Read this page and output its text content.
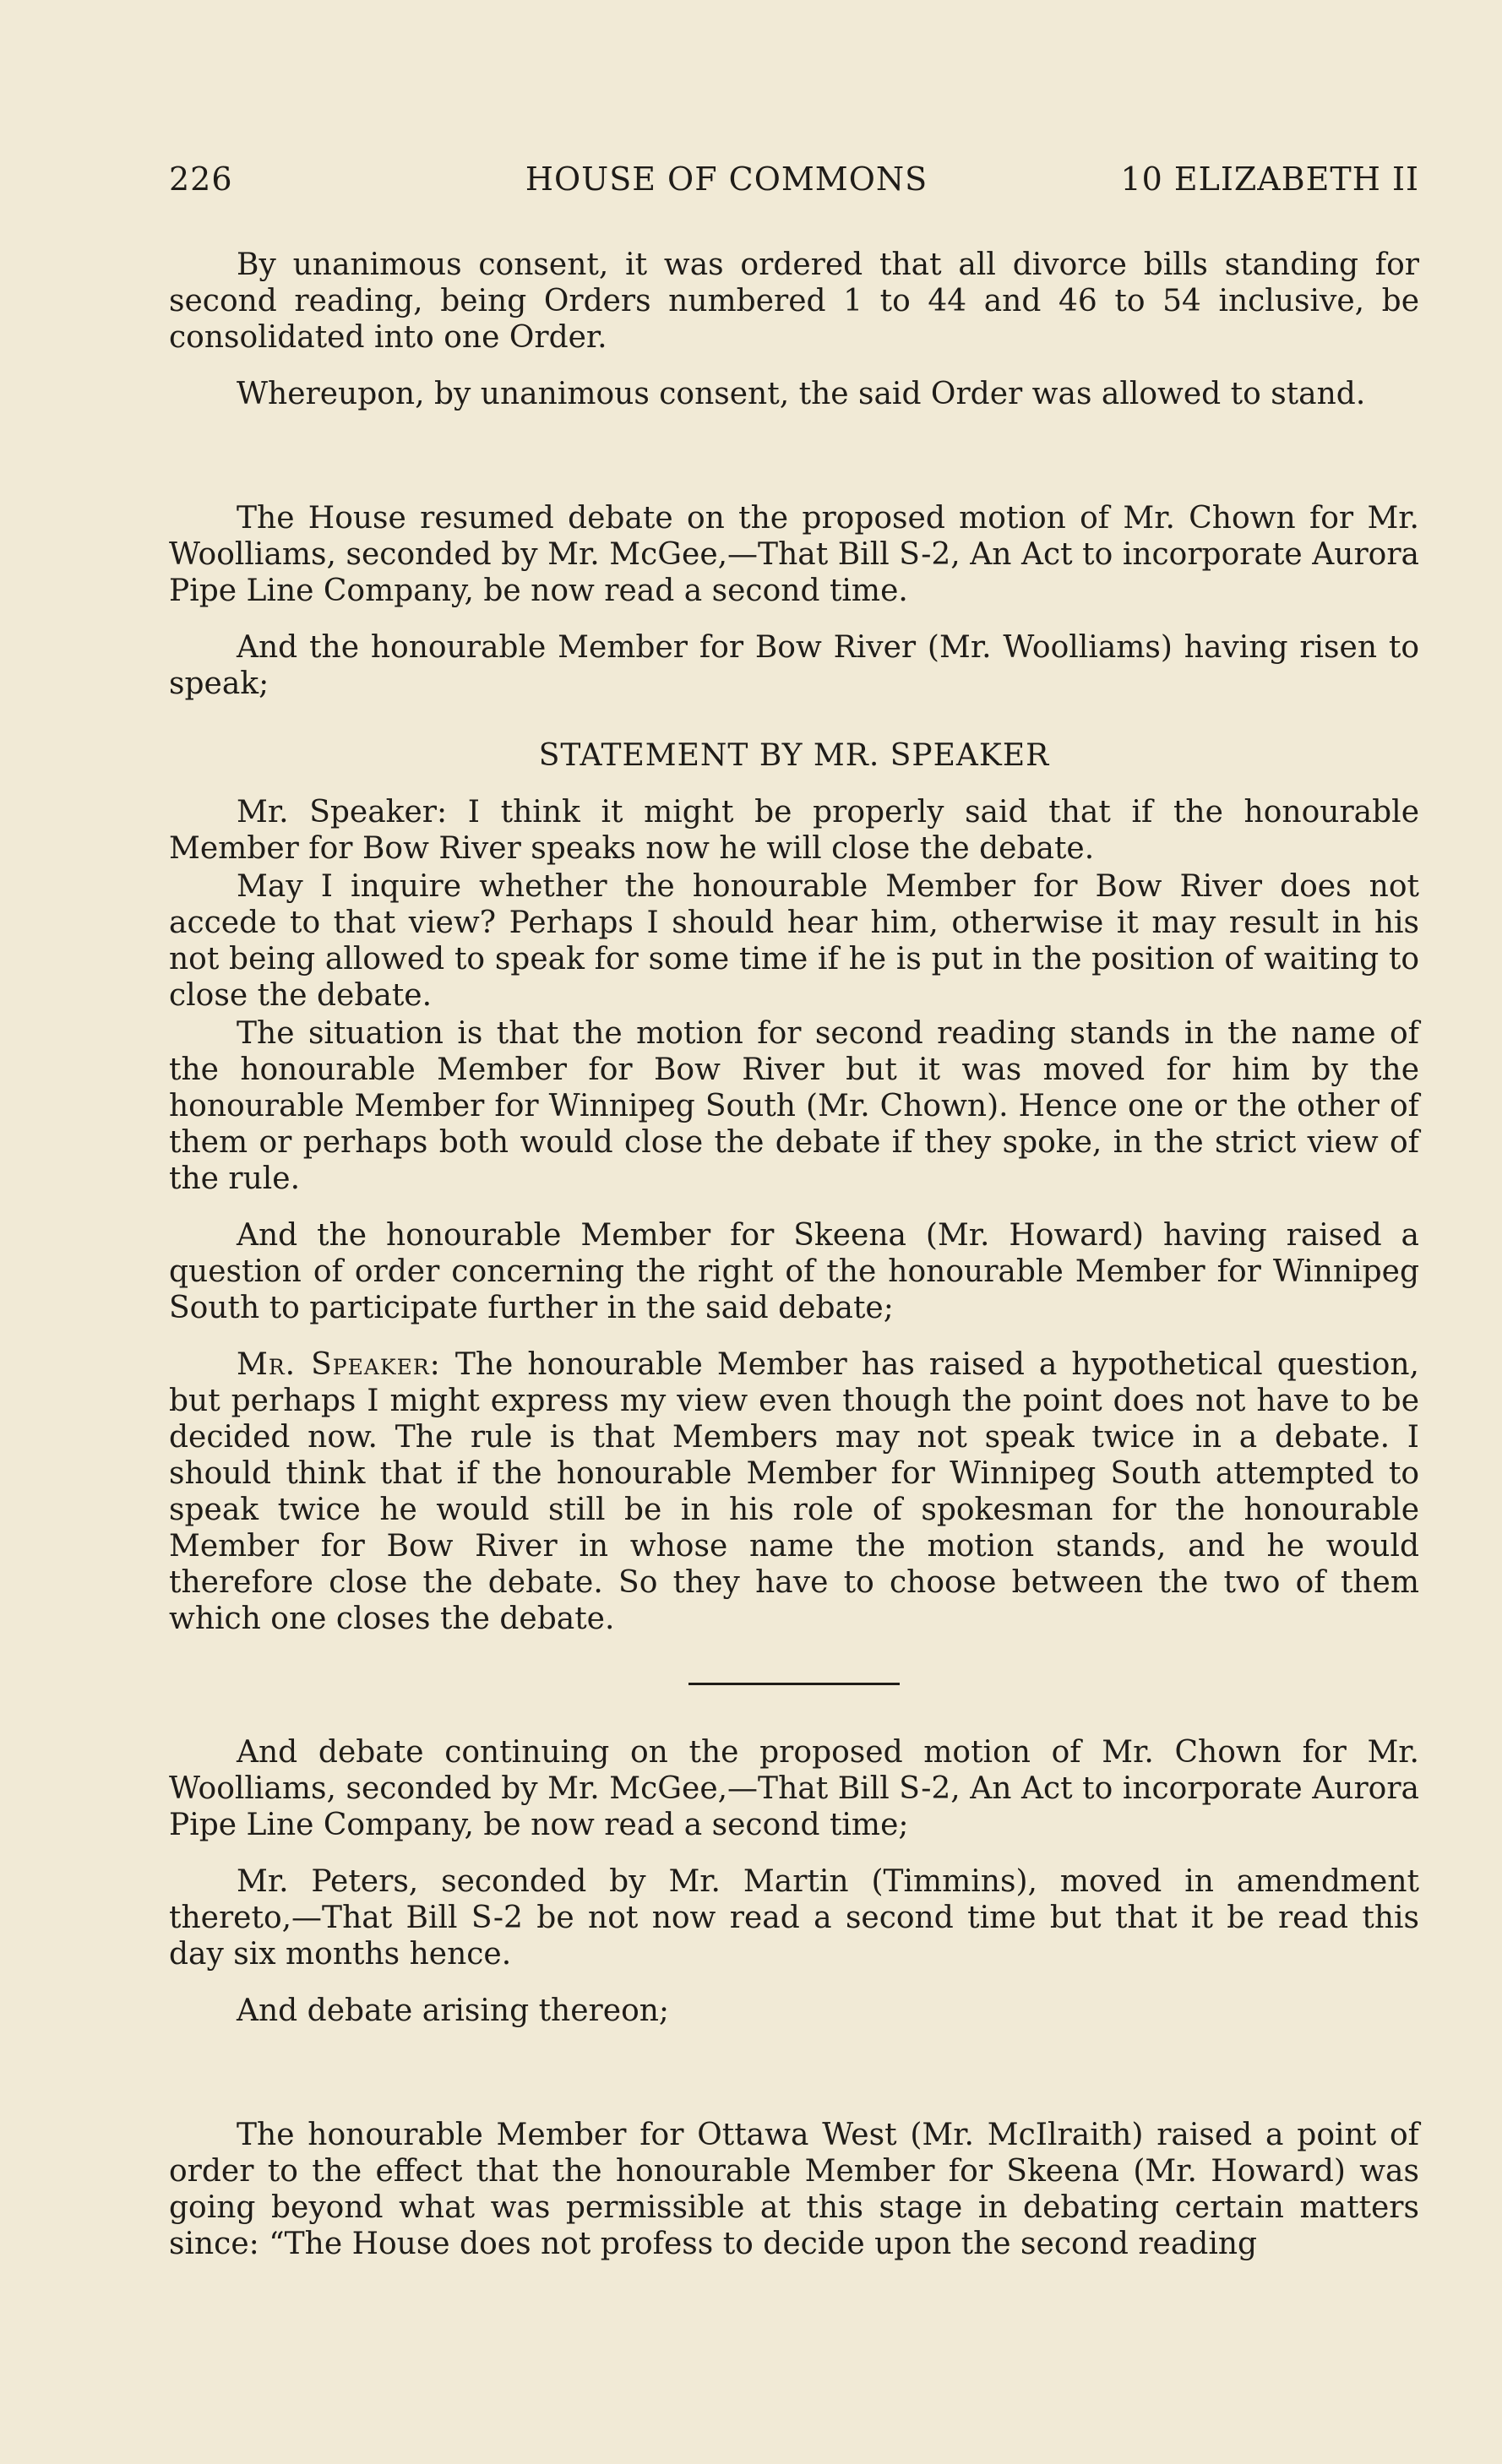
226	HOUSE OF COMMONS	10 ELIZABETH II

By unanimous consent, it was ordered that all divorce bills standing for second reading, being Orders numbered 1 to 44 and 46 to 54 inclusive, be consolidated into one Order.

Whereupon, by unanimous consent, the said Order was allowed to stand.

The House resumed debate on the proposed motion of Mr. Chown for Mr. Woolliams, seconded by Mr. McGee,—That Bill S-2, An Act to incorporate Aurora Pipe Line Company, be now read a second time.

And the honourable Member for Bow River (Mr. Woolliams) having risen to speak;

STATEMENT BY MR. SPEAKER

Mr. Speaker: I think it might be properly said that if the honourable Member for Bow River speaks now he will close the debate.

May I inquire whether the honourable Member for Bow River does not accede to that view? Perhaps I should hear him, otherwise it may result in his not being allowed to speak for some time if he is put in the position of waiting to close the debate.

The situation is that the motion for second reading stands in the name of the honourable Member for Bow River but it was moved for him by the honourable Member for Winnipeg South (Mr. Chown). Hence one or the other of them or perhaps both would close the debate if they spoke, in the strict view of the rule.

And the honourable Member for Skeena (Mr. Howard) having raised a question of order concerning the right of the honourable Member for Winnipeg South to participate further in the said debate;

Mr. Speaker: The honourable Member has raised a hypothetical question, but perhaps I might express my view even though the point does not have to be decided now. The rule is that Members may not speak twice in a debate. I should think that if the honourable Member for Winnipeg South attempted to speak twice he would still be in his role of spokesman for the honourable Member for Bow River in whose name the motion stands, and he would therefore close the debate. So they have to choose between the two of them which one closes the debate.

And debate continuing on the proposed motion of Mr. Chown for Mr. Woolliams, seconded by Mr. McGee,—That Bill S-2, An Act to incorporate Aurora Pipe Line Company, be now read a second time;

Mr. Peters, seconded by Mr. Martin (Timmins), moved in amendment thereto,—That Bill S-2 be not now read a second time but that it be read this day six months hence.

And debate arising thereon;

The honourable Member for Ottawa West (Mr. McIlraith) raised a point of order to the effect that the honourable Member for Skeena (Mr. Howard) was going beyond what was permissible at this stage in debating certain matters since: “The House does not profess to decide upon the second reading
